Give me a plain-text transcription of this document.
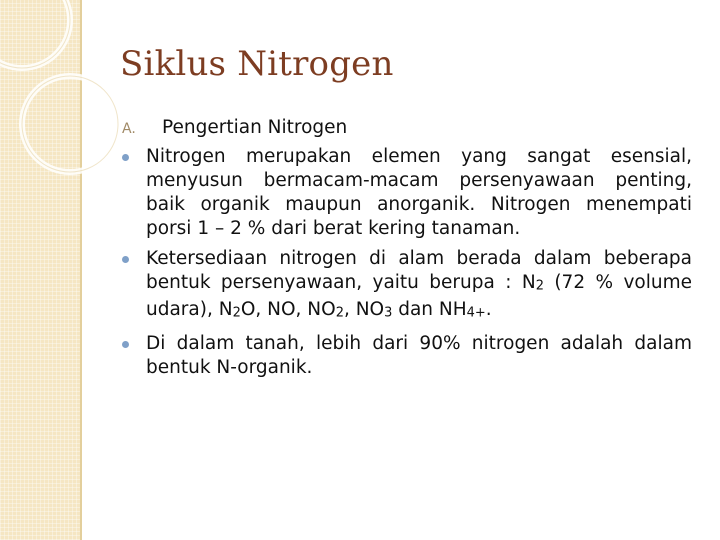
Siklus Nitrogen
A.	Pengertian Nitrogen
Nitrogen merupakan elemen yang sangat esensial, menyusun bermacam-macam persenyawaan penting, baik organik maupun anorganik. Nitrogen menempati porsi 1 – 2 % dari berat kering tanaman.
Ketersediaan nitrogen di alam berada dalam beberapa bentuk persenyawaan, yaitu berupa : $N_2$ (72 % volume udara), $N_2O$, NO, $NO_2$, $NO_3$ dan $NH_{4+}$.
Di dalam tanah, lebih dari 90% nitrogen adalah dalam bentuk N-organik.
